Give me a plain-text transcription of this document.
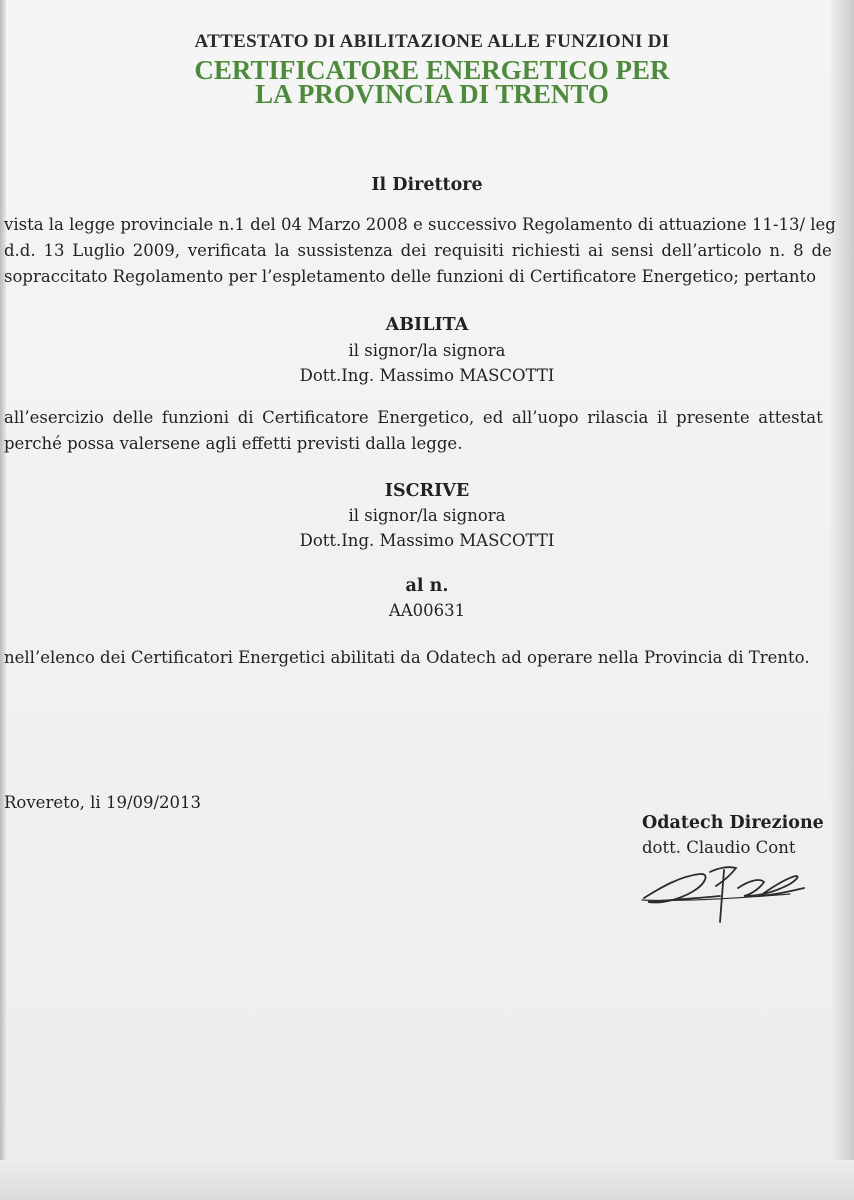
ATTESTATO DI ABILITAZIONE ALLE FUNZIONI DI
CERTIFICATORE ENERGETICO PER
LA PROVINCIA DI TRENTO
Il Direttore
vista la legge provinciale n.1 del 04 Marzo 2008 e successivo Regolamento di attuazione 11-13/ leg
d.d. 13 Luglio 2009, verificata la sussistenza dei requisiti richiesti ai sensi dell’articolo n. 8 de
sopraccitato Regolamento per l’espletamento delle funzioni di Certificatore Energetico; pertanto
ABILITA
il signor/la signora
Dott.Ing. Massimo MASCOTTI
all’esercizio delle funzioni di Certificatore Energetico, ed all’uopo rilascia il presente attestat
perché possa valersene agli effetti previsti dalla legge.
ISCRIVE
il signor/la signora
Dott.Ing. Massimo MASCOTTI
al n.
AA00631
nell’elenco dei Certificatori Energetici abilitati da Odatech ad operare nella Provincia di Trento.
Rovereto, li 19/09/2013
Odatech Direzione
dott. Claudio Cont
